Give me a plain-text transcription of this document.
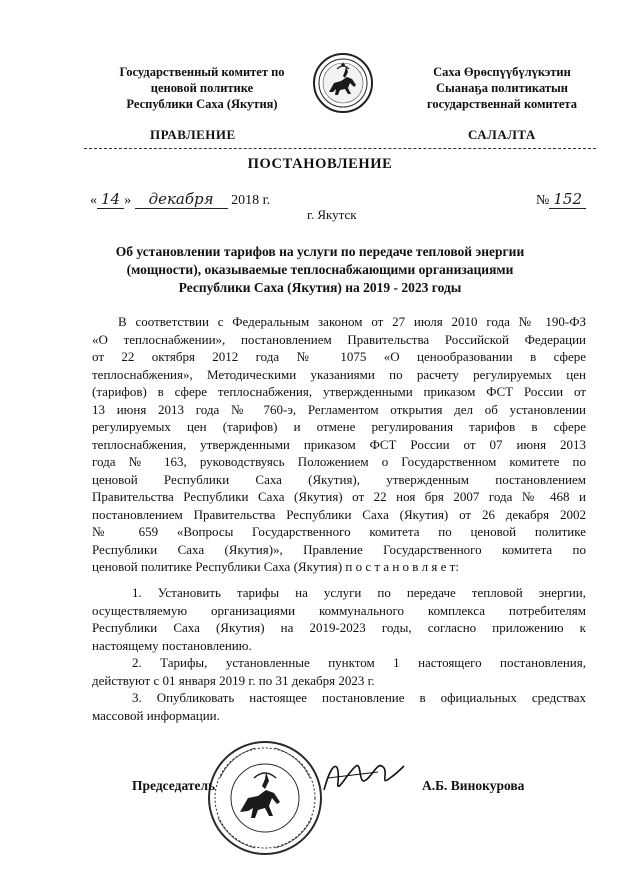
Государственный комитет по
ценовой политике
Республики Саха (Якутия)
Саха Өрөспүүбүлүкэтин
Сыанаҕа политикатын
государственнай комитета
ПРАВЛЕНИЕ	САЛАЛТА
ПОСТАНОВЛЕНИЕ
« 14 » декабря 2018 г.	№ 152
г. Якутск
Об установлении тарифов на услуги по передаче тепловой энергии
(мощности), оказываемые теплоснабжающими организациями
Республики Саха (Якутия) на 2019 - 2023 годы
В соответствии с Федеральным законом от 27 июля 2010 года № 190-ФЗ
«О теплоснабжении», постановлением Правительства Российской Федерации
от 22 октября 2012 года № 1075 «О ценообразовании в сфере
теплоснабжения», Методическими указаниями по расчету регулируемых цен
(тарифов) в сфере теплоснабжения, утвержденными приказом ФСТ России от
13 июня 2013 года № 760-э, Регламентом открытия дел об установлении
регулируемых цен (тарифов) и отмене регулирования тарифов в сфере
теплоснабжения, утвержденными приказом ФСТ России от 07 июня 2013
года № 163, руководствуясь Положением о Государственном комитете по
ценовой Республики Саха (Якутия), утвержденным постановлением
Правительства Республики Саха (Якутия) от 22 ноя бря 2007 года № 468 и
постановлением Правительства Республики Саха (Якутия) от 26 декабря 2002
№ 659 «Вопросы Государственного комитета по ценовой политике
Республики Саха (Якутия)», Правление Государственного комитета по
ценовой политике Республики Саха (Якутия) п о с т а н о в л я е т:
1. Установить тарифы на услуги по передаче тепловой энергии,
осуществляемую организациями коммунального комплекса потребителям
Республики Саха (Якутия) на 2019-2023 годы, согласно приложению к
настоящему постановлению.
2. Тарифы, установленные пунктом 1 настоящего постановления,
действуют с 01 января 2019 г. по 31 декабря 2023 г.
3. Опубликовать настоящее постановление в официальных средствах
массовой информации.
Председатель	А.Б. Винокурова
